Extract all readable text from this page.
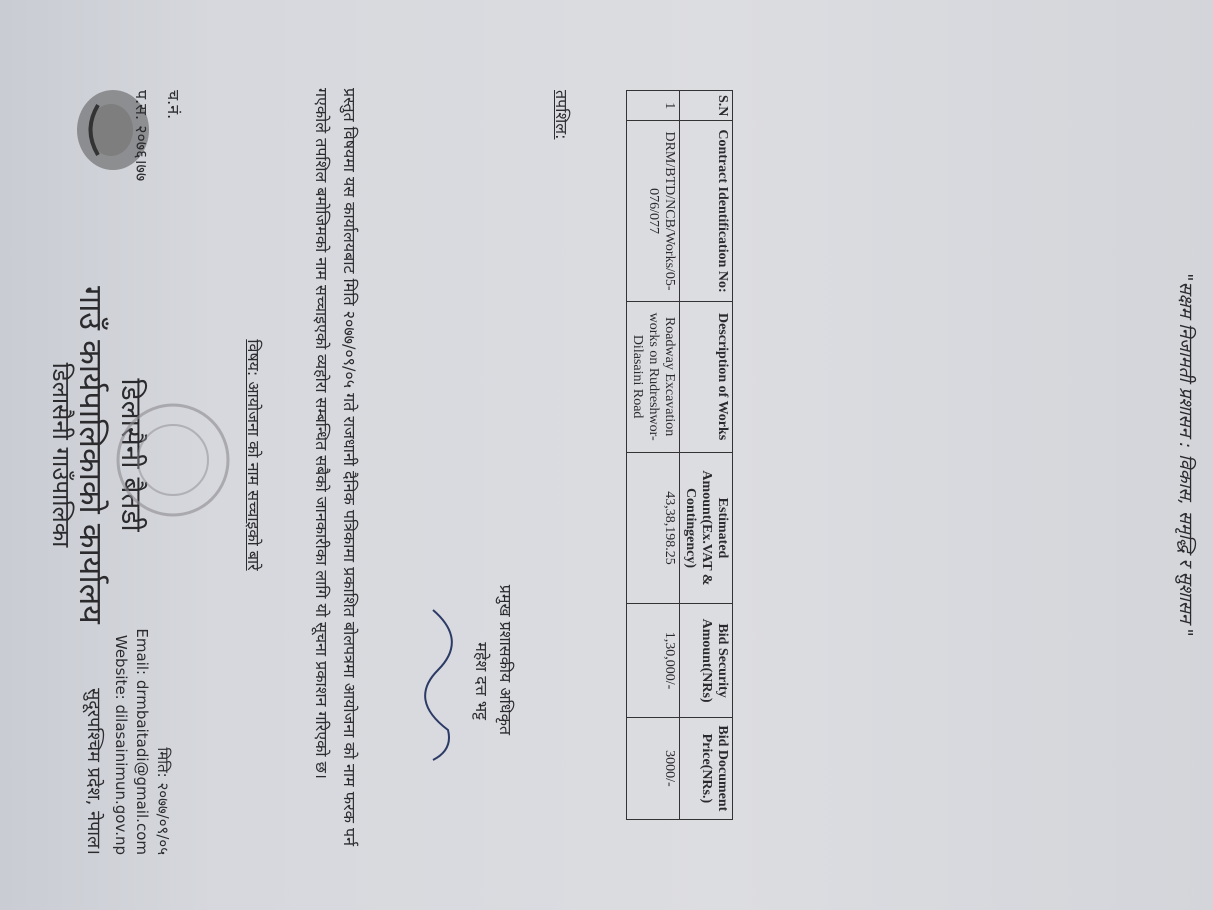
डिलासैनी गाउँपालिका
गाउँ कार्यपालिकाको कार्यालय डिलासैनी बैतडी
सुदूरपश्चिम प्रदेश, नेपाल। Website: dilasainimun.gov.np Email: drmbaitadi@gmail.com मिति: २०७७/०९/०५
प.स. २०७६।७७ च.नं.
विषय: आयोजना को नाम सच्चाइको बारे	प्रस्तुत विषयमा यस कार्यालयबाट मिति २०७७/०९/०५ गते राजधानी दैनिक पत्रिकामा प्रकाशित बोलपत्रमा आयोजना को नाम फरक पर्न गएकोले तपशिल बमोजिमको नाम सच्चाइएको व्यहोरा सम्बन्धित सबैको जानकारीका लागि यो सूचना प्रकाशन गरिएको छ।	महेश दत्त भट्ट प्रमुख प्रशासकीय अधिकृत
तपशिल:	S.N	Contract Identification No:	Description of Works	Estimated Amount(Ex.VAT & Contingency)	Bid Security Amount(NRs)	Bid Document Price(NRs.)
1	DRM/BTD/NCB/Works/05-076/077	Roadway Excavation works on Rudreshwor-Dilasaini Road	43,38,198.25	1,30,000/-	3000/-
"सक्षम निजामती प्रशासन : विकास, समृद्धि र सुशासन "
